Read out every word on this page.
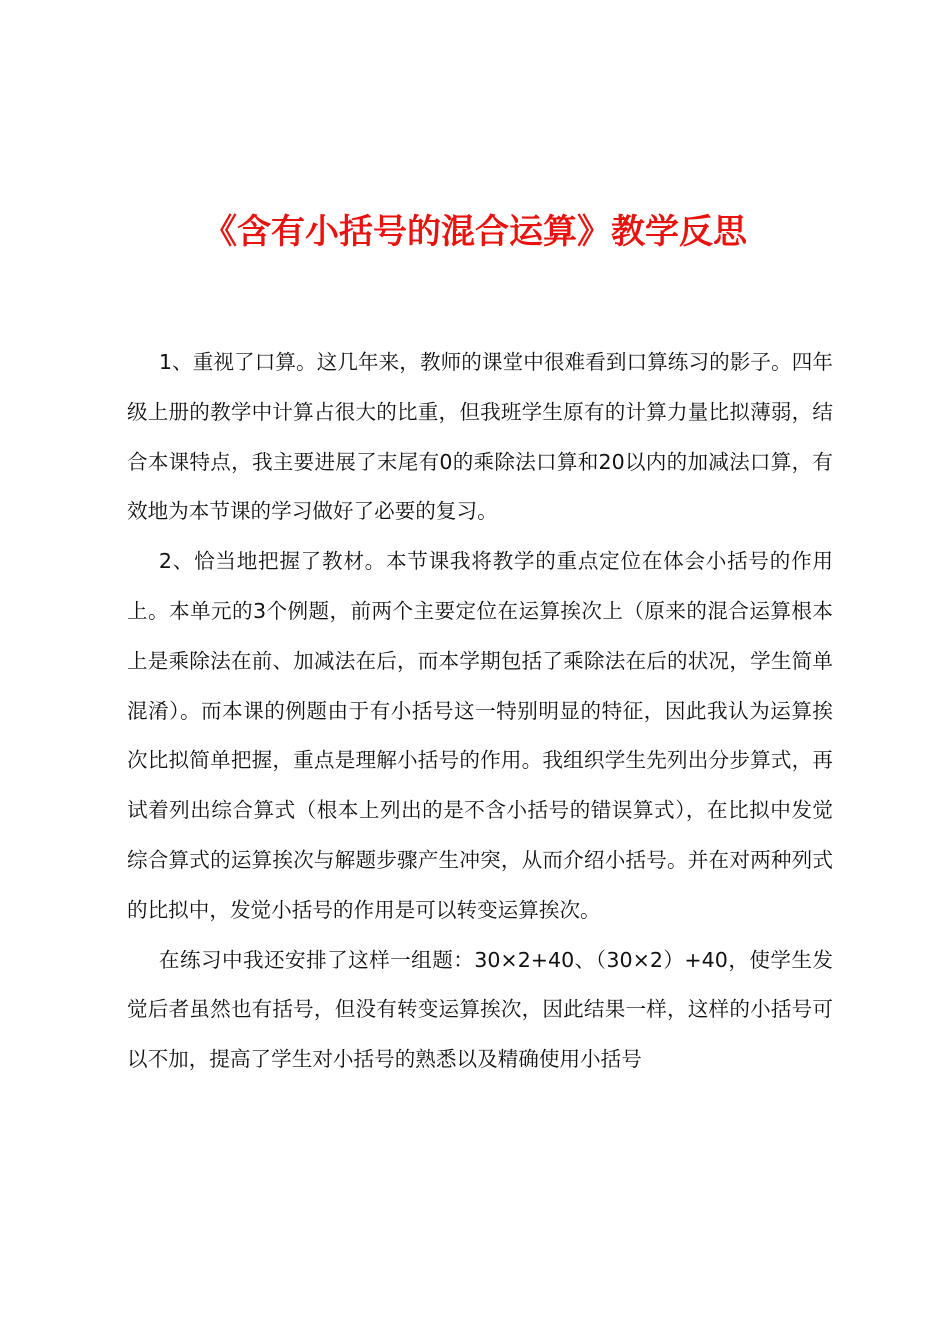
《含有小括号的混合运算》教学反思

1、重视了口算。这几年来，教师的课堂中很难看到口算练习的影子。四年级上册的教学中计算占很大的比重，但我班学生原有的计算力量比拟薄弱，结合本课特点，我主要进展了末尾有0的乘除法口算和20以内的加减法口算，有效地为本节课的学习做好了必要的复习。

2、恰当地把握了教材。本节课我将教学的重点定位在体会小括号的作用上。本单元的3个例题，前两个主要定位在运算挨次上（原来的混合运算根本上是乘除法在前、加减法在后，而本学期包括了乘除法在后的状况，学生简单混淆）。而本课的例题由于有小括号这一特别明显的特征，因此我认为运算挨次比拟简单把握，重点是理解小括号的作用。我组织学生先列出分步算式，再试着列出综合算式（根本上列出的是不含小括号的错误算式），在比拟中发觉综合算式的运算挨次与解题步骤产生冲突，从而介绍小括号。并在对两种列式的比拟中，发觉小括号的作用是可以转变运算挨次。

在练习中我还安排了这样一组题：30×2+40、（30×2）+40，使学生发觉后者虽然也有括号，但没有转变运算挨次，因此结果一样，这样的小括号可以不加，提高了学生对小括号的熟悉以及精确使用小括号
